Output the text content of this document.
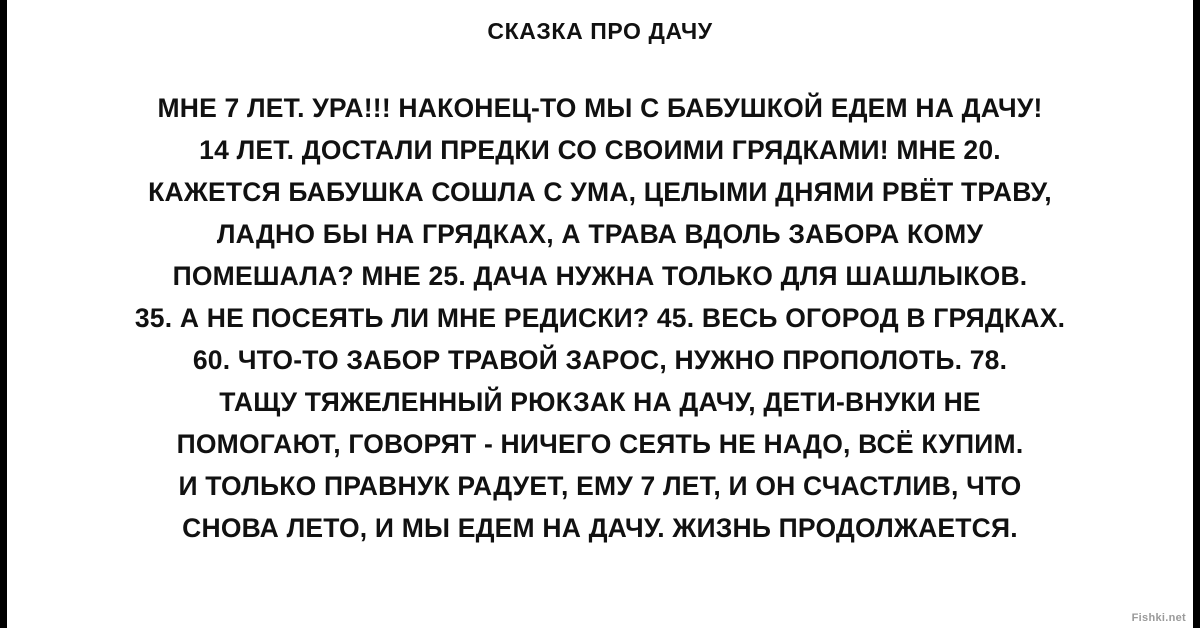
СКАЗКА ПРО ДАЧУ
МНЕ 7 ЛЕТ. УРА!!! НАКОНЕЦ-ТО МЫ С БАБУШКОЙ ЕДЕМ НА ДАЧУ!
14 ЛЕТ. ДОСТАЛИ ПРЕДКИ СО СВОИМИ ГРЯДКАМИ! МНЕ 20.
КАЖЕТСЯ БАБУШКА СОШЛА С УМА, ЦЕЛЫМИ ДНЯМИ РВЁТ ТРАВУ,
ЛАДНО БЫ НА ГРЯДКАХ, А ТРАВА ВДОЛЬ ЗАБОРА КОМУ
ПОМЕШАЛА? МНЕ 25. ДАЧА НУЖНА ТОЛЬКО ДЛЯ ШАШЛЫКОВ.
35. А НЕ ПОСЕЯТЬ ЛИ МНЕ РЕДИСКИ? 45. ВЕСЬ ОГОРОД В ГРЯДКАХ.
60. ЧТО-ТО ЗАБОР ТРАВОЙ ЗАРОС, НУЖНО ПРОПОЛОТЬ. 78.
ТАЩУ ТЯЖЕЛЕННЫЙ РЮКЗАК НА ДАЧУ, ДЕТИ-ВНУКИ НЕ
ПОМОГАЮТ, ГОВОРЯТ - НИЧЕГО СЕЯТЬ НЕ НАДО, ВСЁ КУПИМ.
И ТОЛЬКО ПРАВНУК РАДУЕТ, ЕМУ 7 ЛЕТ, И ОН СЧАСТЛИВ, ЧТО
СНОВА ЛЕТО, И МЫ ЕДЕМ НА ДАЧУ. ЖИЗНЬ ПРОДОЛЖАЕТСЯ.
Fishki.net
